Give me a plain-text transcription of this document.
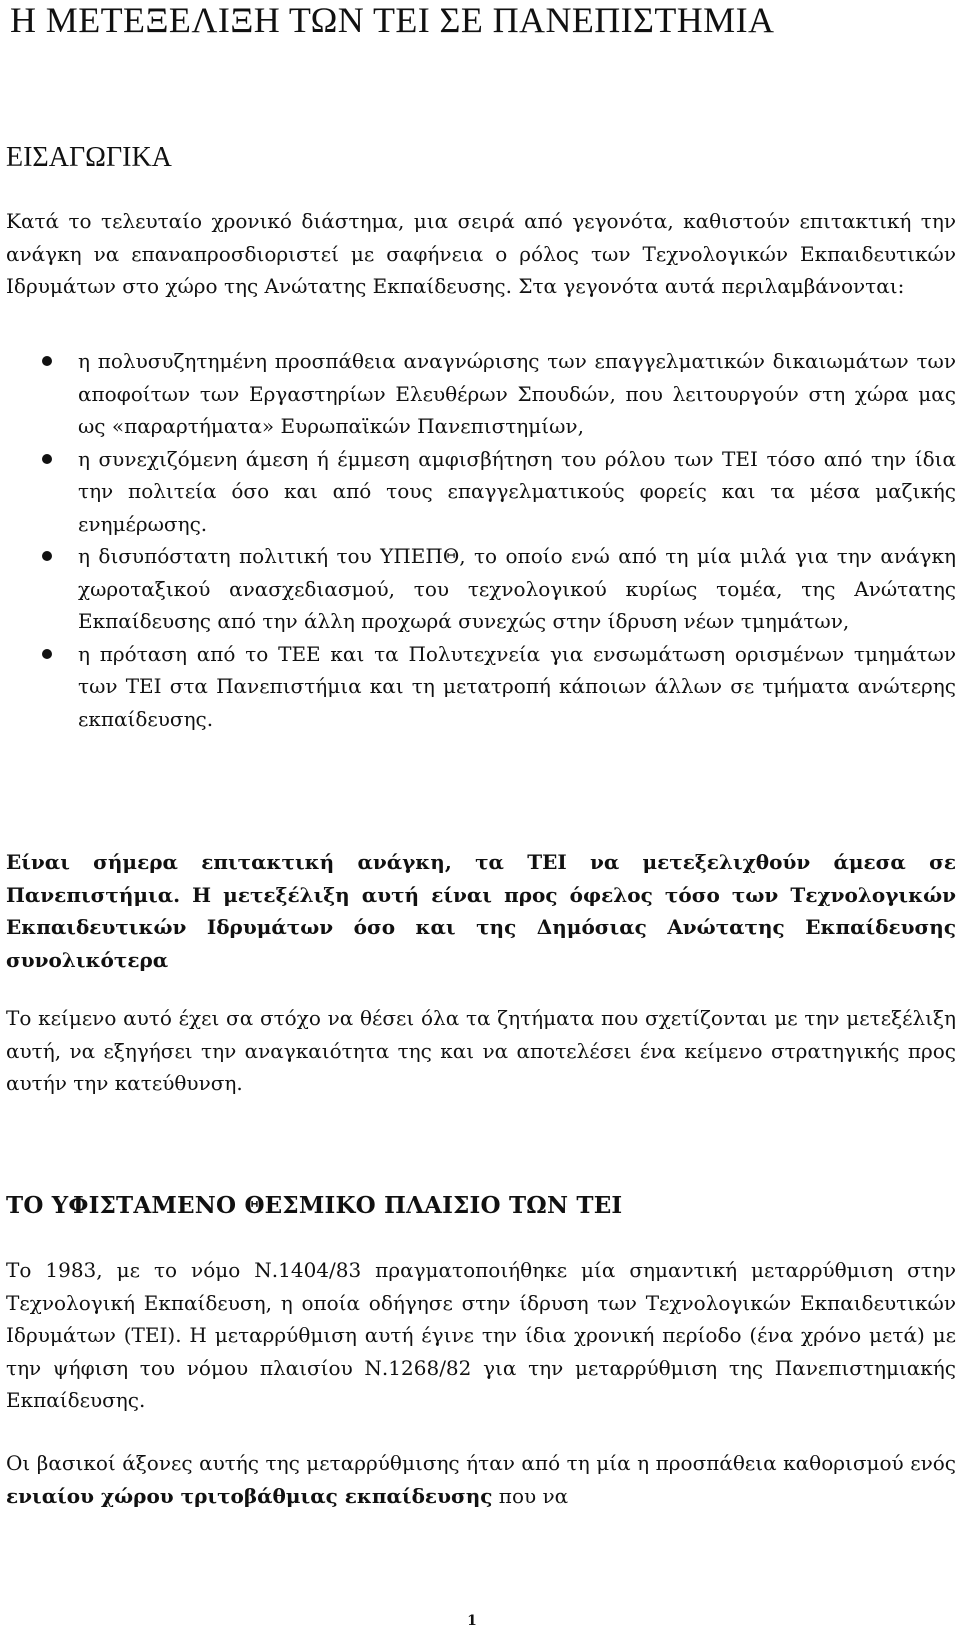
Η ΜΕΤΕΞΕΛΙΞΗ ΤΩΝ ΤΕΙ ΣΕ ΠΑΝΕΠΙΣΤΗΜΙΑ
ΕΙΣΑΓΩΓΙΚΑ

Κατά το τελευταίο χρονικό διάστημα, μια σειρά από γεγονότα, καθιστούν επιτακτική την ανάγκη να επαναπροσδιοριστεί με σαφήνεια ο ρόλος των Τεχνολογικών Εκπαιδευτικών Ιδρυμάτων στο χώρο της Ανώτατης Εκπαίδευσης. Στα γεγονότα αυτά περιλαμβάνονται:

η πολυσυζητημένη προσπάθεια αναγνώρισης των επαγγελματικών δικαιωμάτων των αποφοίτων των Εργαστηρίων Ελευθέρων Σπουδών, που λειτουργούν στη χώρα μας ως «παραρτήματα» Ευρωπαϊκών Πανεπιστημίων,
η συνεχιζόμενη άμεση ή έμμεση αμφισβήτηση του ρόλου των ΤΕΙ τόσο από την ίδια την πολιτεία όσο και από τους επαγγελματικούς φορείς και τα μέσα μαζικής ενημέρωσης.
η δισυπόστατη πολιτική του ΥΠΕΠΘ, το οποίο ενώ από τη μία μιλά για την ανάγκη χωροταξικού ανασχεδιασμού, του τεχνολογικού κυρίως τομέα, της Ανώτατης Εκπαίδευσης από την άλλη προχωρά συνεχώς στην ίδρυση νέων τμημάτων,
η πρόταση από το ΤΕΕ και τα Πολυτεχνεία για ενσωμάτωση ορισμένων τμημάτων των ΤΕΙ στα Πανεπιστήμια και τη μετατροπή κάποιων άλλων σε τμήματα ανώτερης εκπαίδευσης.

Είναι σήμερα επιτακτική ανάγκη, τα ΤΕΙ να μετεξελιχθούν άμεσα σε Πανεπιστήμια. Η μετεξέλιξη αυτή είναι προς όφελος τόσο των Τεχνολογικών Εκπαιδευτικών Ιδρυμάτων όσο και της Δημόσιας Ανώτατης Εκπαίδευσης συνολικότερα

Το κείμενο αυτό έχει σα στόχο να θέσει όλα τα ζητήματα που σχετίζονται με την μετεξέλιξη αυτή, να εξηγήσει την αναγκαιότητα της και να αποτελέσει ένα κείμενο στρατηγικής προς αυτήν την κατεύθυνση.

ΤΟ ΥΦΙΣΤΑΜΕΝΟ ΘΕΣΜΙΚΟ ΠΛΑΙΣΙΟ ΤΩΝ ΤΕΙ

Το 1983, με το νόμο Ν.1404/83 πραγματοποιήθηκε μία σημαντική μεταρρύθμιση στην Τεχνολογική Εκπαίδευση, η οποία οδήγησε στην ίδρυση των Τεχνολογικών Εκπαιδευτικών Ιδρυμάτων (ΤΕΙ). Η μεταρρύθμιση αυτή έγινε την ίδια χρονική περίοδο (ένα χρόνο μετά) με την ψήφιση του νόμου πλαισίου Ν.1268/82 για την μεταρρύθμιση της Πανεπιστημιακής Εκπαίδευσης.

Οι βασικοί άξονες αυτής της μεταρρύθμισης ήταν από τη μία η προσπάθεια καθορισμού ενός ενιαίου χώρου τριτοβάθμιας εκπαίδευσης που να

1
